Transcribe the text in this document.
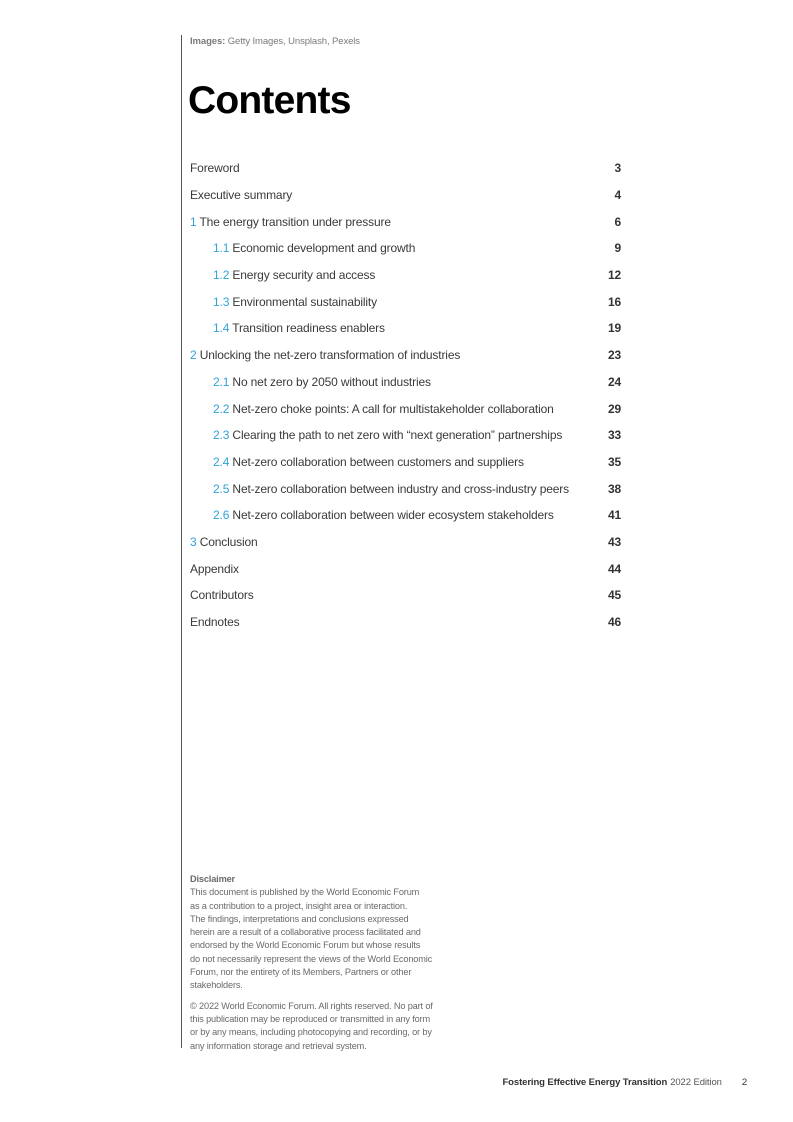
Images: Getty Images, Unsplash, Pexels
Contents
Foreword	3
Executive summary	4
1 The energy transition under pressure	6
1.1 Economic development and growth	9
1.2 Energy security and access	12
1.3 Environmental sustainability	16
1.4 Transition readiness enablers	19
2 Unlocking the net-zero transformation of industries	23
2.1 No net zero by 2050 without industries	24
2.2 Net-zero choke points: A call for multistakeholder collaboration	29
2.3 Clearing the path to net zero with “next generation” partnerships	33
2.4 Net-zero collaboration between customers and suppliers	35
2.5 Net-zero collaboration between industry and cross-industry peers	38
2.6 Net-zero collaboration between wider ecosystem stakeholders	41
3 Conclusion	43
Appendix	44
Contributors	45
Endnotes	46
Disclaimer

This document is published by the World Economic Forum
as a contribution to a project, insight area or interaction.
The findings, interpretations and conclusions expressed
herein are a result of a collaborative process facilitated and
endorsed by the World Economic Forum but whose results
do not necessarily represent the views of the World Economic
Forum, nor the entirety of its Members, Partners or other
stakeholders.

© 2022 World Economic Forum. All rights reserved. No part of
this publication may be reproduced or transmitted in any form
or by any means, including photocopying and recording, or by
any information storage and retrieval system.

Fostering Effective Energy Transition 2022 Edition 2
